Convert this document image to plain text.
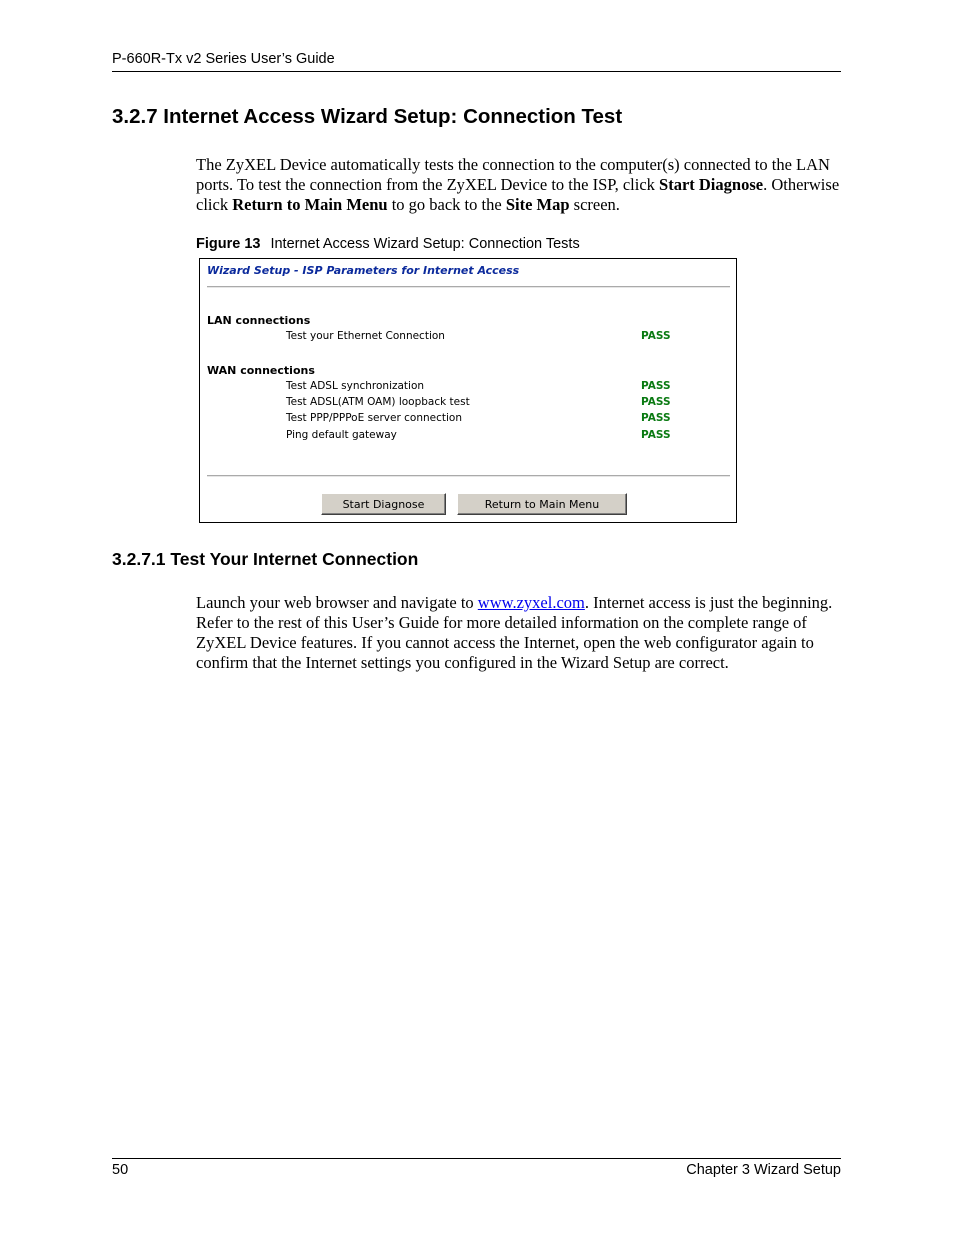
P-660R-Tx v2 Series User’s Guide
3.2.7 Internet Access Wizard Setup: Connection Test
The ZyXEL Device automatically tests the connection to the computer(s) connected to the LAN ports. To test the connection from the ZyXEL Device to the ISP, click Start Diagnose. Otherwise click Return to Main Menu to go back to the Site Map screen.
Figure 13 Internet Access Wizard Setup: Connection Tests
Wizard Setup - ISP Parameters for Internet Access
LAN connections
Test your Ethernet Connection	PASS
WAN connections
Test ADSL synchronization	PASS
Test ADSL(ATM OAM) loopback test	PASS
Test PPP/PPPoE server connection	PASS
Ping default gateway	PASS
Start Diagnose	Return to Main Menu
3.2.7.1 Test Your Internet Connection
Launch your web browser and navigate to www.zyxel.com. Internet access is just the beginning. Refer to the rest of this User’s Guide for more detailed information on the complete range of ZyXEL Device features. If you cannot access the Internet, open the web configurator again to confirm that the Internet settings you configured in the Wizard Setup are correct.
50	Chapter 3 Wizard Setup
